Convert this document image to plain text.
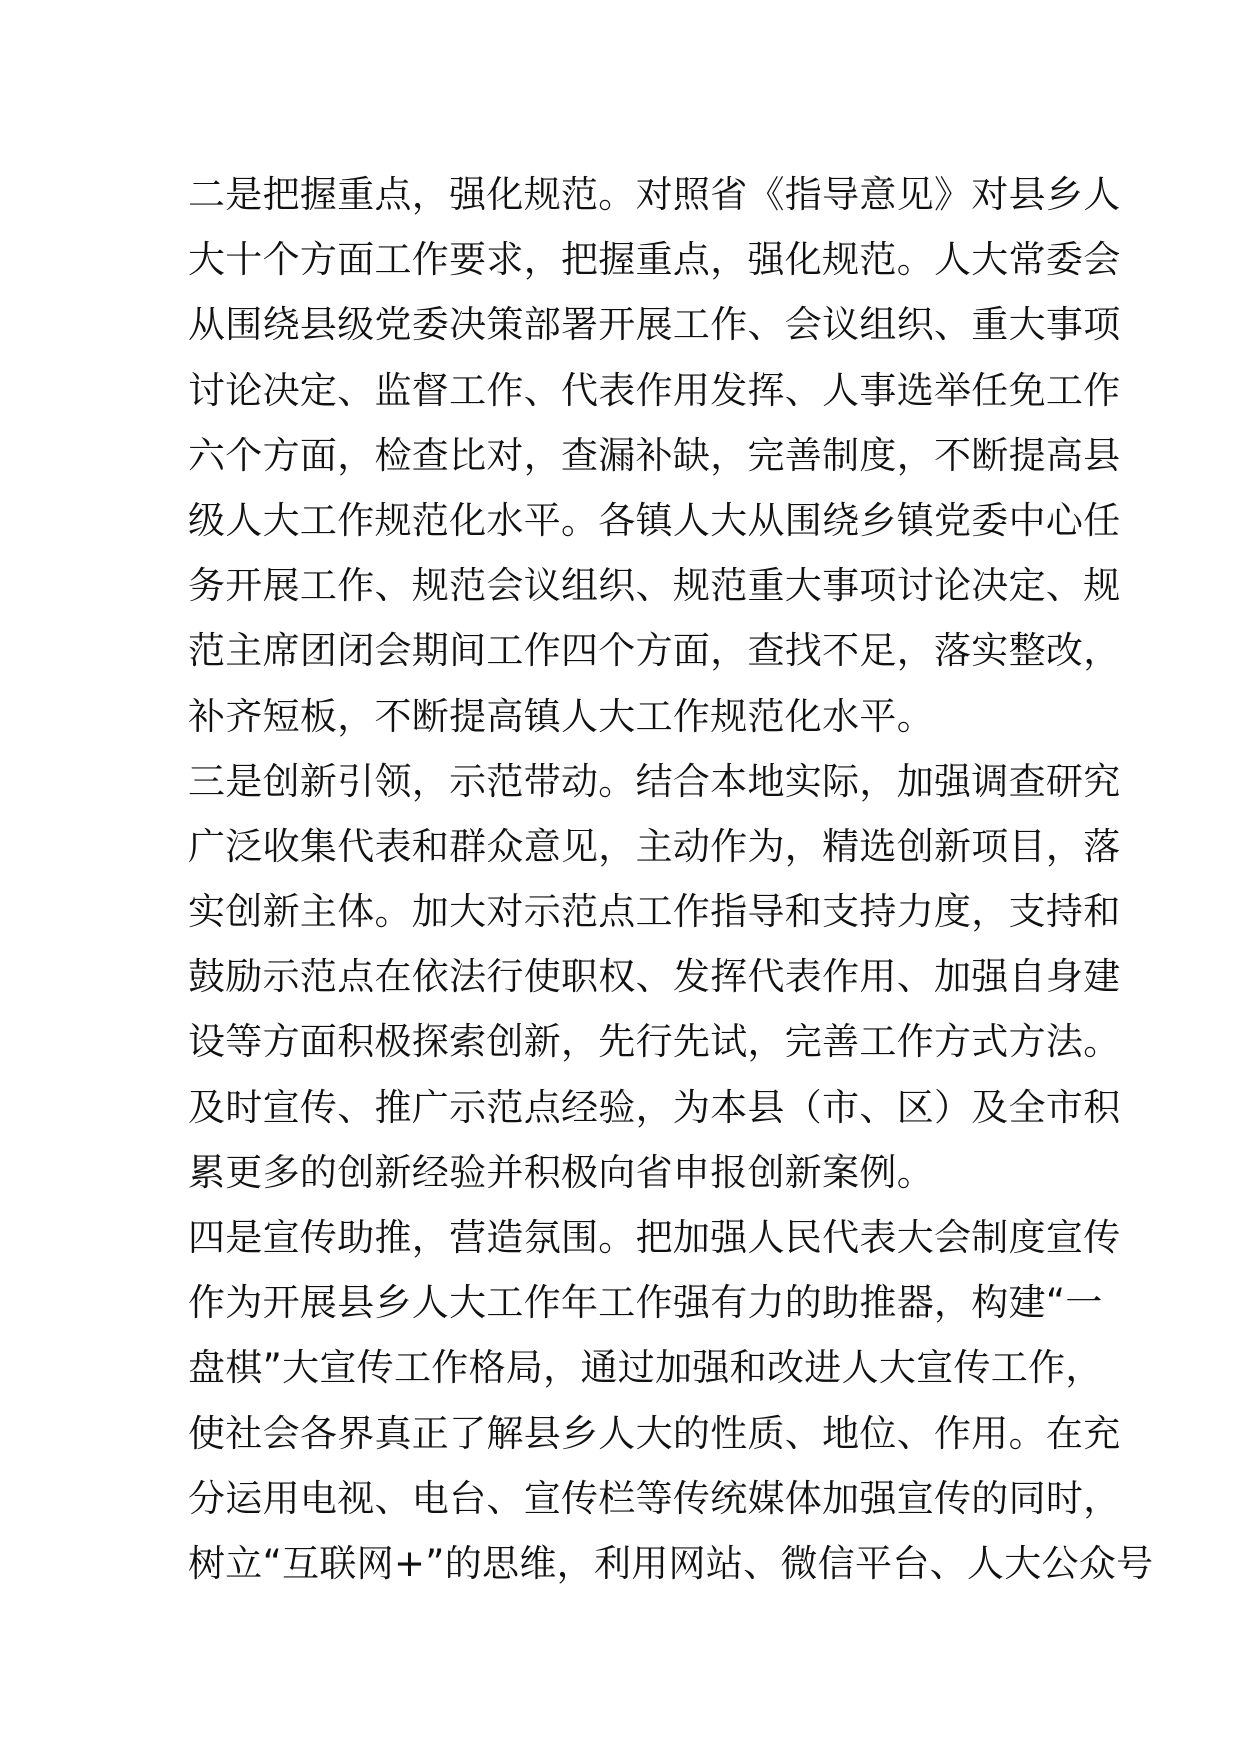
二是把握重点，强化规范。对照省《指导意见》对县乡人
大十个方面工作要求，把握重点，强化规范。人大常委会
从围绕县级党委决策部署开展工作、会议组织、重大事项
讨论决定、监督工作、代表作用发挥、人事选举任免工作
六个方面，检查比对，查漏补缺，完善制度，不断提高县
级人大工作规范化水平。各镇人大从围绕乡镇党委中心任
务开展工作、规范会议组织、规范重大事项讨论决定、规
范主席团闭会期间工作四个方面，查找不足，落实整改，
补齐短板，不断提高镇人大工作规范化水平。
三是创新引领，示范带动。结合本地实际，加强调查研究
广泛收集代表和群众意见，主动作为，精选创新项目，落
实创新主体。加大对示范点工作指导和支持力度，支持和
鼓励示范点在依法行使职权、发挥代表作用、加强自身建
设等方面积极探索创新，先行先试，完善工作方式方法。
及时宣传、推广示范点经验，为本县（市、区）及全市积
累更多的创新经验并积极向省申报创新案例。
四是宣传助推，营造氛围。把加强人民代表大会制度宣传
作为开展县乡人大工作年工作强有力的助推器，构建“一
盘棋”大宣传工作格局，通过加强和改进人大宣传工作，
使社会各界真正了解县乡人大的性质、地位、作用。在充
分运用电视、电台、宣传栏等传统媒体加强宣传的同时，
树立“互联网+”的思维，利用网站、微信平台、人大公众号
